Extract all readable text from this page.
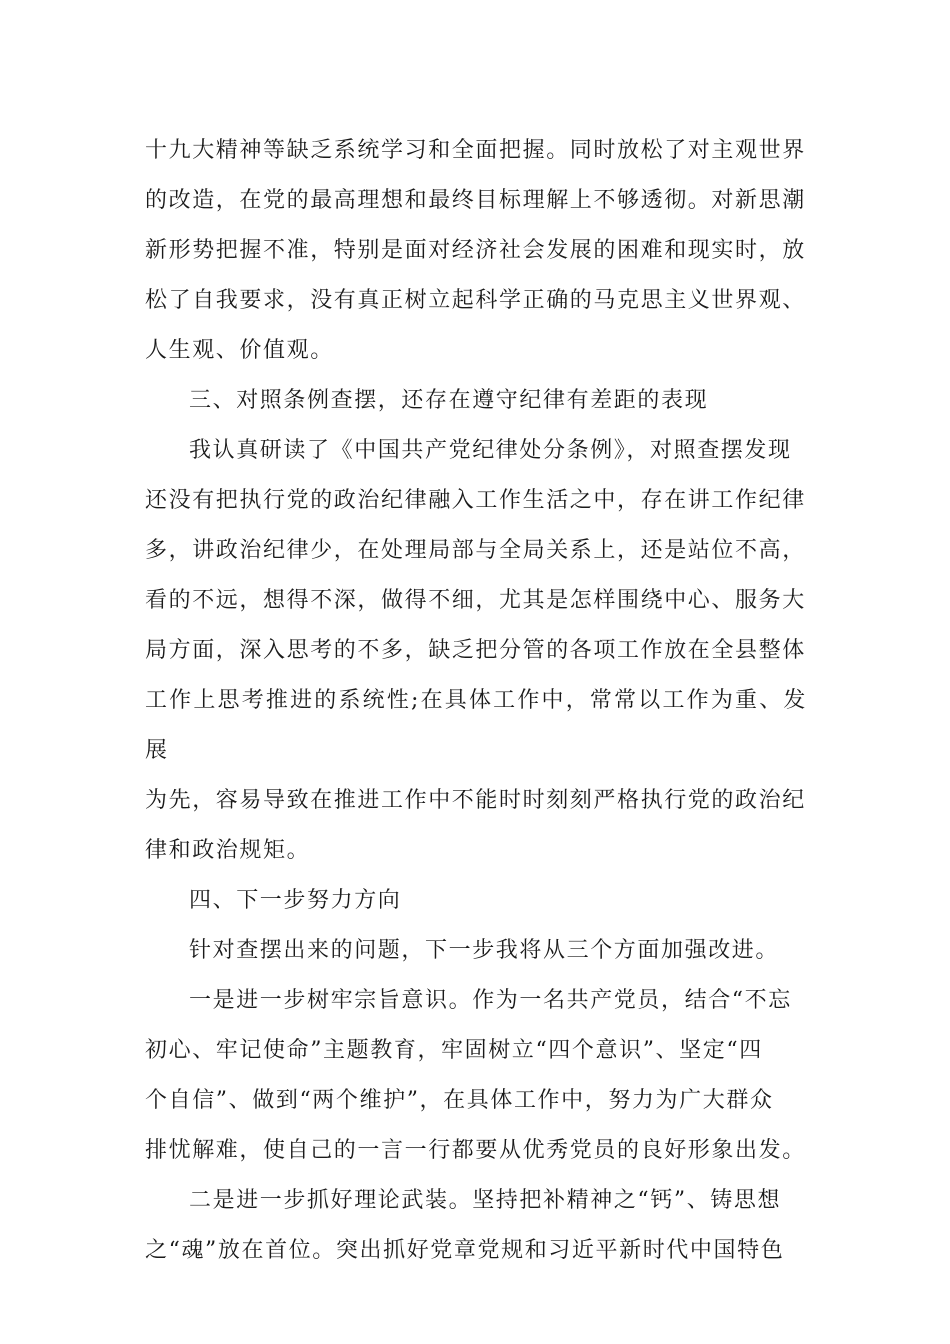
十九大精神等缺乏系统学习和全面把握。同时放松了对主观世界
的改造，在党的最高理想和最终目标理解上不够透彻。对新思潮
新形势把握不准，特别是面对经济社会发展的困难和现实时，放
松了自我要求，没有真正树立起科学正确的马克思主义世界观、
人生观、价值观。

三、对照条例查摆，还存在遵守纪律有差距的表现

我认真研读了《中国共产党纪律处分条例》，对照查摆发现
还没有把执行党的政治纪律融入工作生活之中，存在讲工作纪律
多，讲政治纪律少，在处理局部与全局关系上，还是站位不高，
看的不远，想得不深，做得不细，尤其是怎样围绕中心、服务大
局方面，深入思考的不多，缺乏把分管的各项工作放在全县整体
工作上思考推进的系统性;在具体工作中，常常以工作为重、发展
为先，容易导致在推进工作中不能时时刻刻严格执行党的政治纪
律和政治规矩。

四、下一步努力方向

针对查摆出来的问题，下一步我将从三个方面加强改进。

一是进一步树牢宗旨意识。作为一名共产党员，结合“不忘
初心、牢记使命”主题教育，牢固树立“四个意识”、坚定“四
个自信”、做到“两个维护”，在具体工作中，努力为广大群众
排忧解难，使自己的一言一行都要从优秀党员的良好形象出发。

二是进一步抓好理论武装。坚持把补精神之“钙”、铸思想
之“魂”放在首位。突出抓好党章党规和习近平新时代中国特色
